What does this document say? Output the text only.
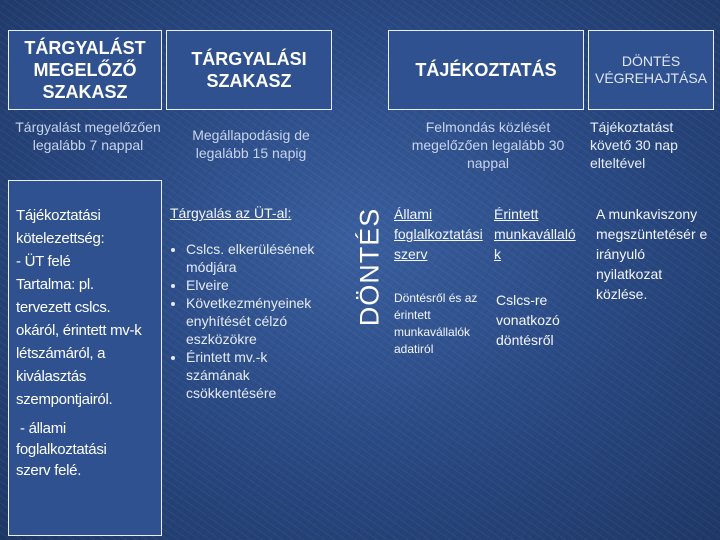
TÁRGYALÁST MEGELŐZŐ SZAKASZ
TÁRGYALÁSI SZAKASZ
TÁJÉKOZTATÁS	DÖNTÉS VÉGREHAJTÁSA
Tárgyalást megelőzően legalább 7 nappal
Megállapodásig de legalább 15 napig
Felmondás közlését megelőzően legalább 30 nappal
Tájékoztatást követő 30 nap elteltével
Tájékoztatási
kötelezettség:
- ÜT felé
Tartalma: pl.
tervezett cslcs.
okáról, érintett mv-k
létszámáról, a
kiválasztás
szempontjairól.
- állami
foglalkoztatási
szerv felé.
Tárgyalás az ÜT-al:
• Cslcs. elkerülésének módjára
• Elveire
• Következményeinek enyhítését célzó eszközökre
• Érintett mv.-k számának csökkentésére
DÖNTÉS Állami foglalkoztatási szerv
Érintett munkavállaló k
Döntésről és az érintett munkavállalók adatiról
Cslcs-re vonatkozó döntésről
A munkaviszony megszüntetésér e irányuló nyilatkozat közlése.
